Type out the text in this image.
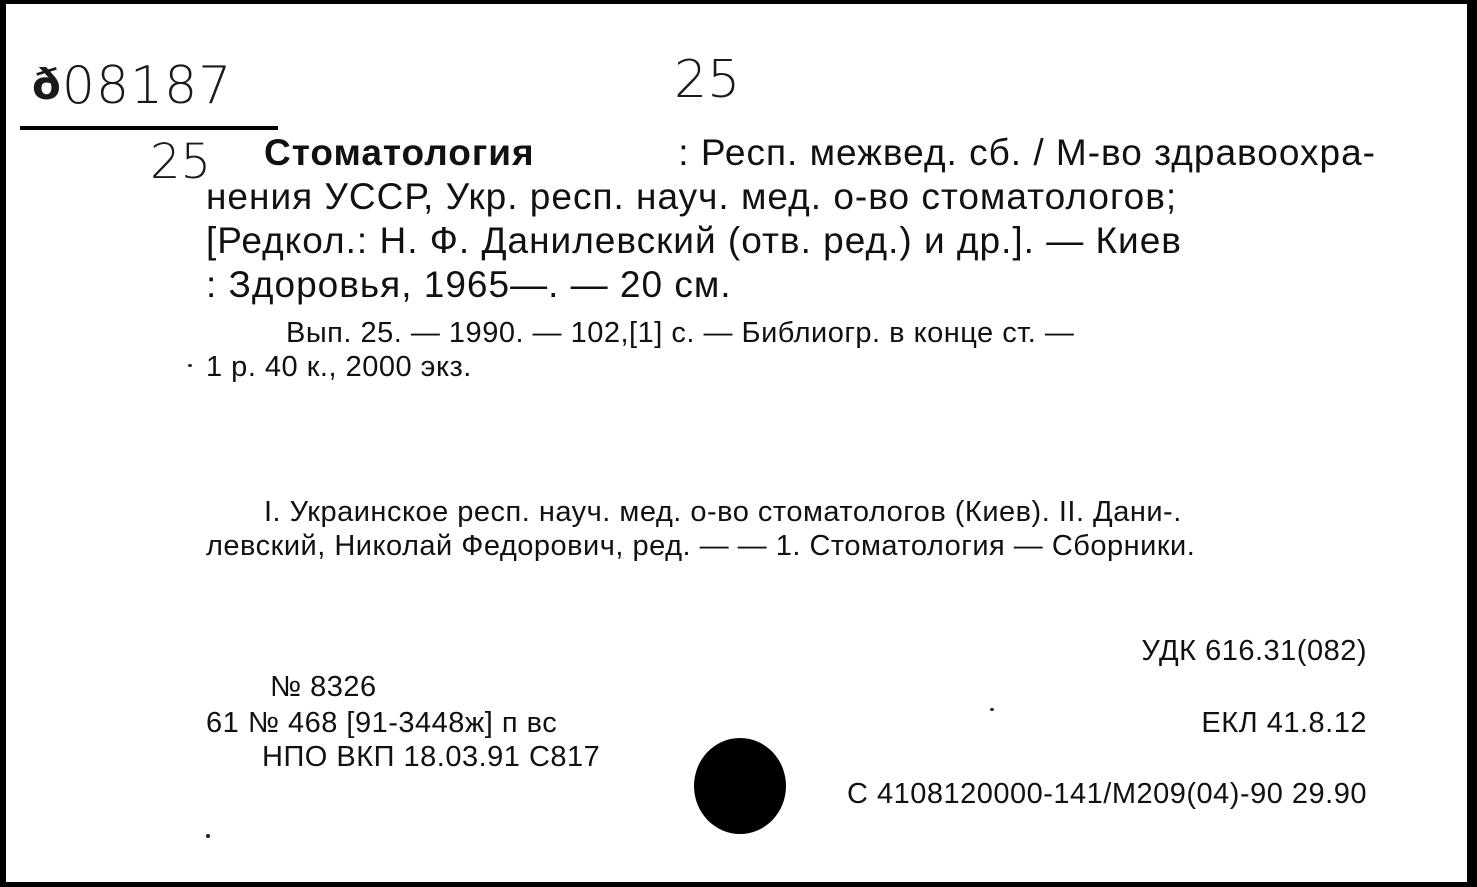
ð08187	25
25 Стоматология	: Респ. межвед. сб. / М-во здравоохра-
нения УССР, Укр. респ. науч. мед. о-во стоматологов;
[Редкол.: Н. Ф. Данилевский (отв. ред.) и др.]. — Киев
: Здоровья, 1965—. — 20 см.
Вып. 25. — 1990. — 102,[1] с. — Библиогр. в конце ст. —
1 р. 40 к., 2000 экз.
I. Украинское респ. науч. мед. о-во стоматологов (Киев). II. Дани-.
левский, Николай Федорович, ред. — — 1. Стоматология — Сборники.
УДК 616.31(082)
№ 8326
61 № 468 [91-3448ж] п вс	ЕКЛ 41.8.12
НПО ВКП 18.03.91 С817
С 4108120000-141/М209(04)-90 29.90
